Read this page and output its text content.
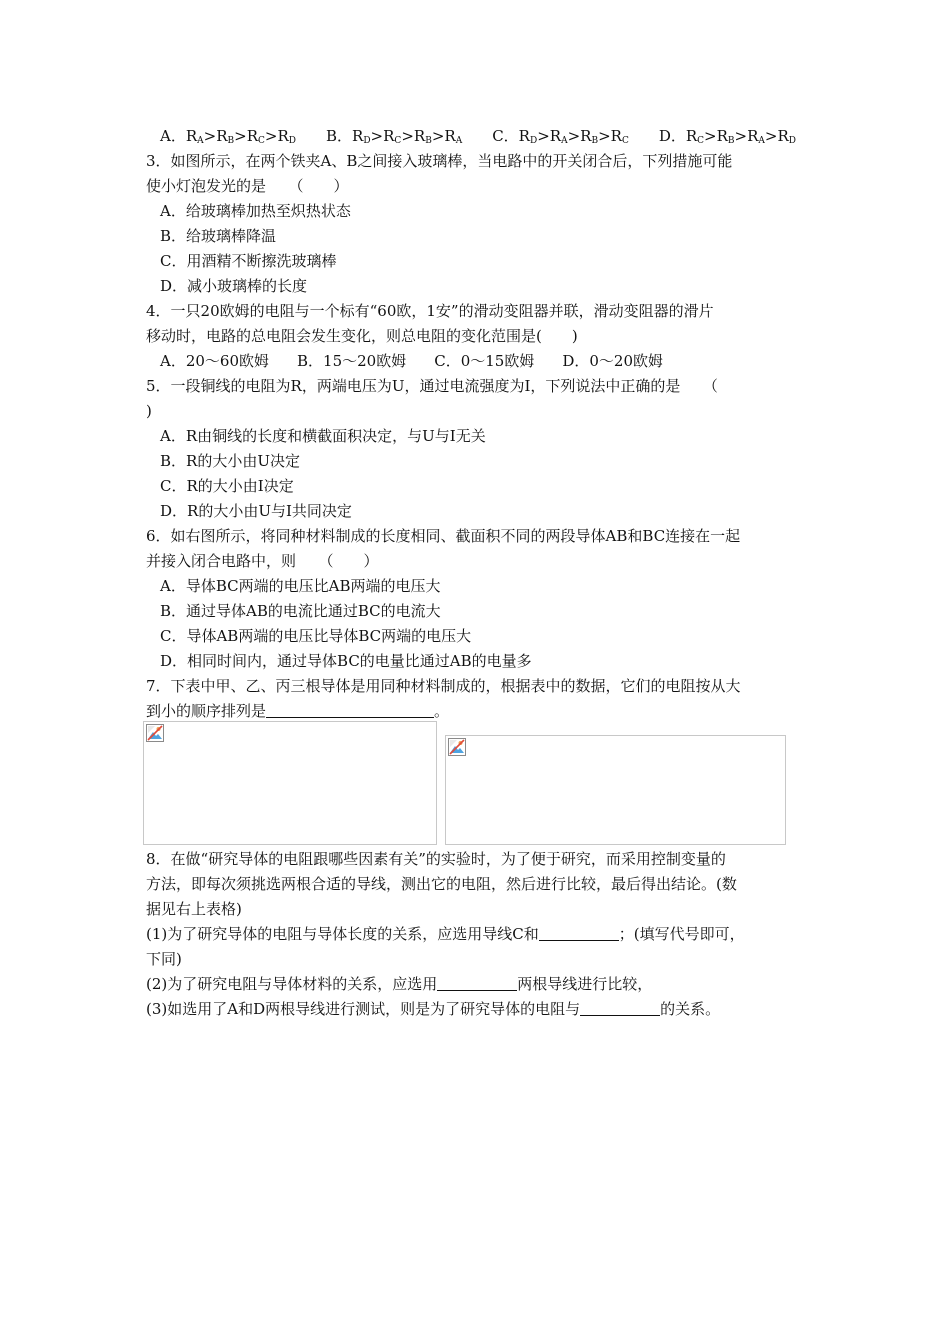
A．$R_A>R_B>R_C>R_D$ B．$R_D>R_C>R_B>R_A$ C．$R_D>R_A>R_B>R_C$ D．$R_C>R_B>R_A>R_D$
3．如图所示，在两个铁夹A、B之间接入玻璃棒，当电路中的开关闭合后，下列措施可能
使小灯泡发光的是　　（　　）
A．给玻璃棒加热至炽热状态
B．给玻璃棒降温
C．用酒精不断擦洗玻璃棒
D．减小玻璃棒的长度
4．一只20欧姆的电阻与一个标有“60欧，1安”的滑动变阻器并联，滑动变阻器的滑片
移动时，电路的总电阻会发生变化，则总电阻的变化范围是(　　)
A．20～60欧姆 B．15～20欧姆 C．0～15欧姆 D．0～20欧姆
5．一段铜线的电阻为R，两端电压为U，通过电流强度为I，下列说法中正确的是　　（
)
A．R由铜线的长度和横截面积决定，与U与I无关
B．R的大小由U决定
C．R的大小由I决定
D．R的大小由U与I共同决定
6．如右图所示，将同种材料制成的长度相同、截面积不同的两段导体AB和BC连接在一起
并接入闭合电路中，则　　（　　）
A．导体BC两端的电压比AB两端的电压大
B．通过导体AB的电流比通过BC的电流大
C．导体AB两端的电压比导体BC两端的电压大
D．相同时间内，通过导体BC的电量比通过AB的电量多
7．下表中甲、乙、丙三根导体是用同种材料制成的，根据表中的数据，它们的电阻按从大
到小的顺序排列是	。
8．在做“研究导体的电阻跟哪些因素有关”的实验时，为了便于研究，而采用控制变量的
方法，即每次须挑选两根合适的导线，测出它的电阻，然后进行比较，最后得出结论。(数
据见右上表格)
(1)为了研究导体的电阻与导体长度的关系，应选用导线C和	；(填写代号即可，
下同)
(2)为了研究电阻与导体材料的关系，应选用	两根导线进行比较，
(3)如选用了A和D两根导线进行测试，则是为了研究导体的电阻与	的关系。
